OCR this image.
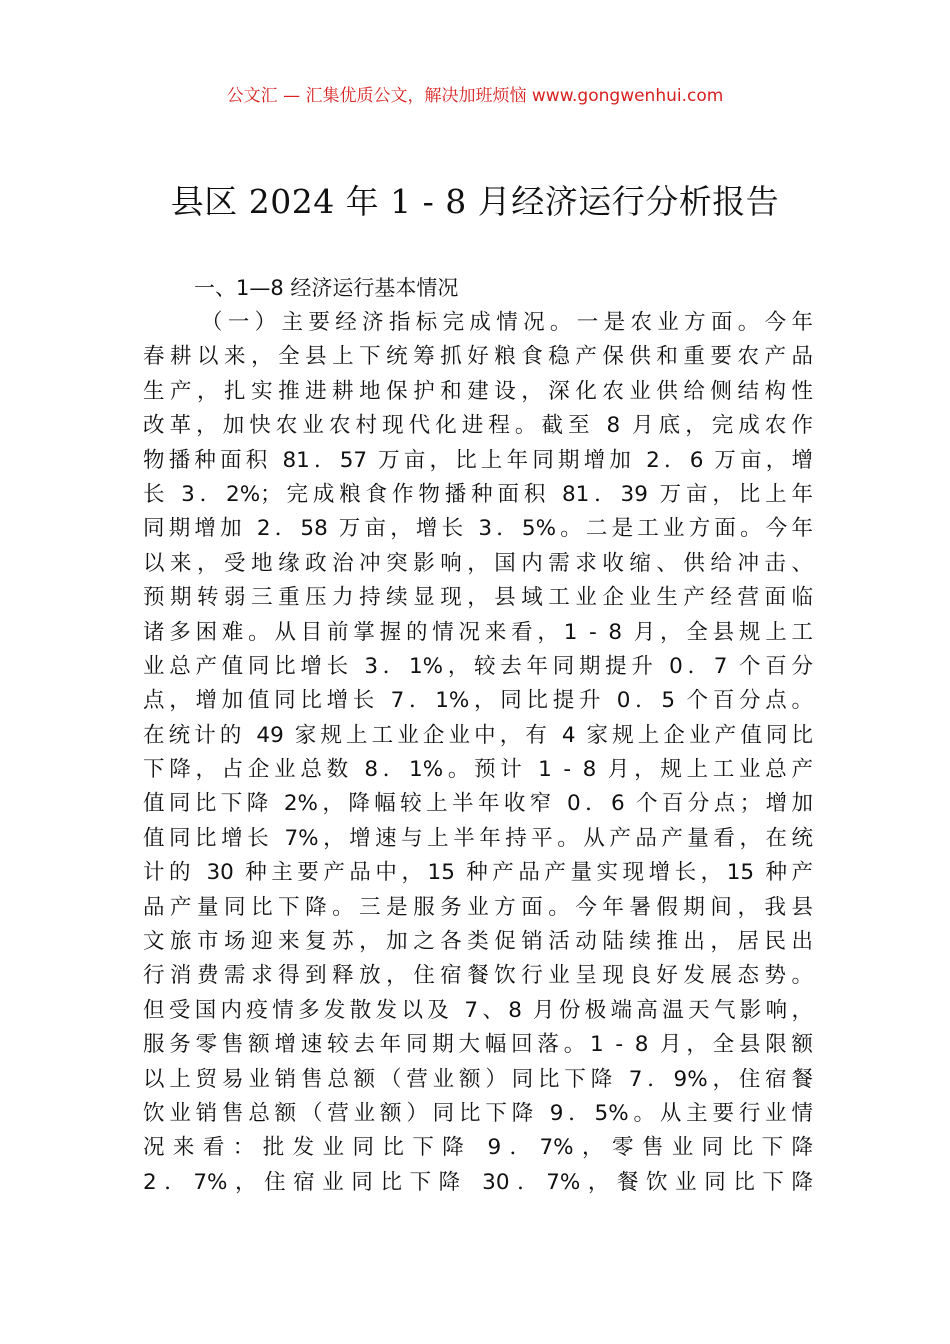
公文汇 — 汇集优质公文，解决加班烦恼 www.gongwenhui.com
县区 2024 年 1 - 8 月经济运行分析报告
一、1—8 经济运行基本情况
（一）主要经济指标完成情况。一是农业方面。今年
春耕以来，全县上下统筹抓好粮食稳产保供和重要农产品
生产，扎实推进耕地保护和建设，深化农业供给侧结构性
改革，加快农业农村现代化进程。截至 8 月底，完成农作
物播种面积 81．57 万亩，比上年同期增加 2．6 万亩，增
长 3．2%；完成粮食作物播种面积 81．39 万亩，比上年
同期增加 2．58 万亩，增长 3．5%。二是工业方面。今年
以来，受地缘政治冲突影响，国内需求收缩、供给冲击、
预期转弱三重压力持续显现，县域工业企业生产经营面临
诸多困难。从目前掌握的情况来看，1 - 8 月，全县规上工
业总产值同比增长 3．1%，较去年同期提升 0．7 个百分
点，增加值同比增长 7．1%，同比提升 0．5 个百分点。
在统计的 49 家规上工业企业中，有 4 家规上企业产值同比
下降，占企业总数 8．1%。预计 1 - 8 月，规上工业总产
值同比下降 2%，降幅较上半年收窄 0．6 个百分点；增加
值同比增长 7%，增速与上半年持平。从产品产量看，在统
计的 30 种主要产品中，15 种产品产量实现增长，15 种产
品产量同比下降。三是服务业方面。今年暑假期间，我县
文旅市场迎来复苏，加之各类促销活动陆续推出，居民出
行消费需求得到释放，住宿餐饮行业呈现良好发展态势。
但受国内疫情多发散发以及 7、8 月份极端高温天气影响，
服务零售额增速较去年同期大幅回落。1 - 8 月，全县限额
以上贸易业销售总额（营业额）同比下降 7．9%，住宿餐
饮业销售总额（营业额）同比下降 9．5%。从主要行业情
况来看：批发业同比下降 9．7%，零售业同比下降
2．7%，住宿业同比下降 30．7%，餐饮业同比下降
